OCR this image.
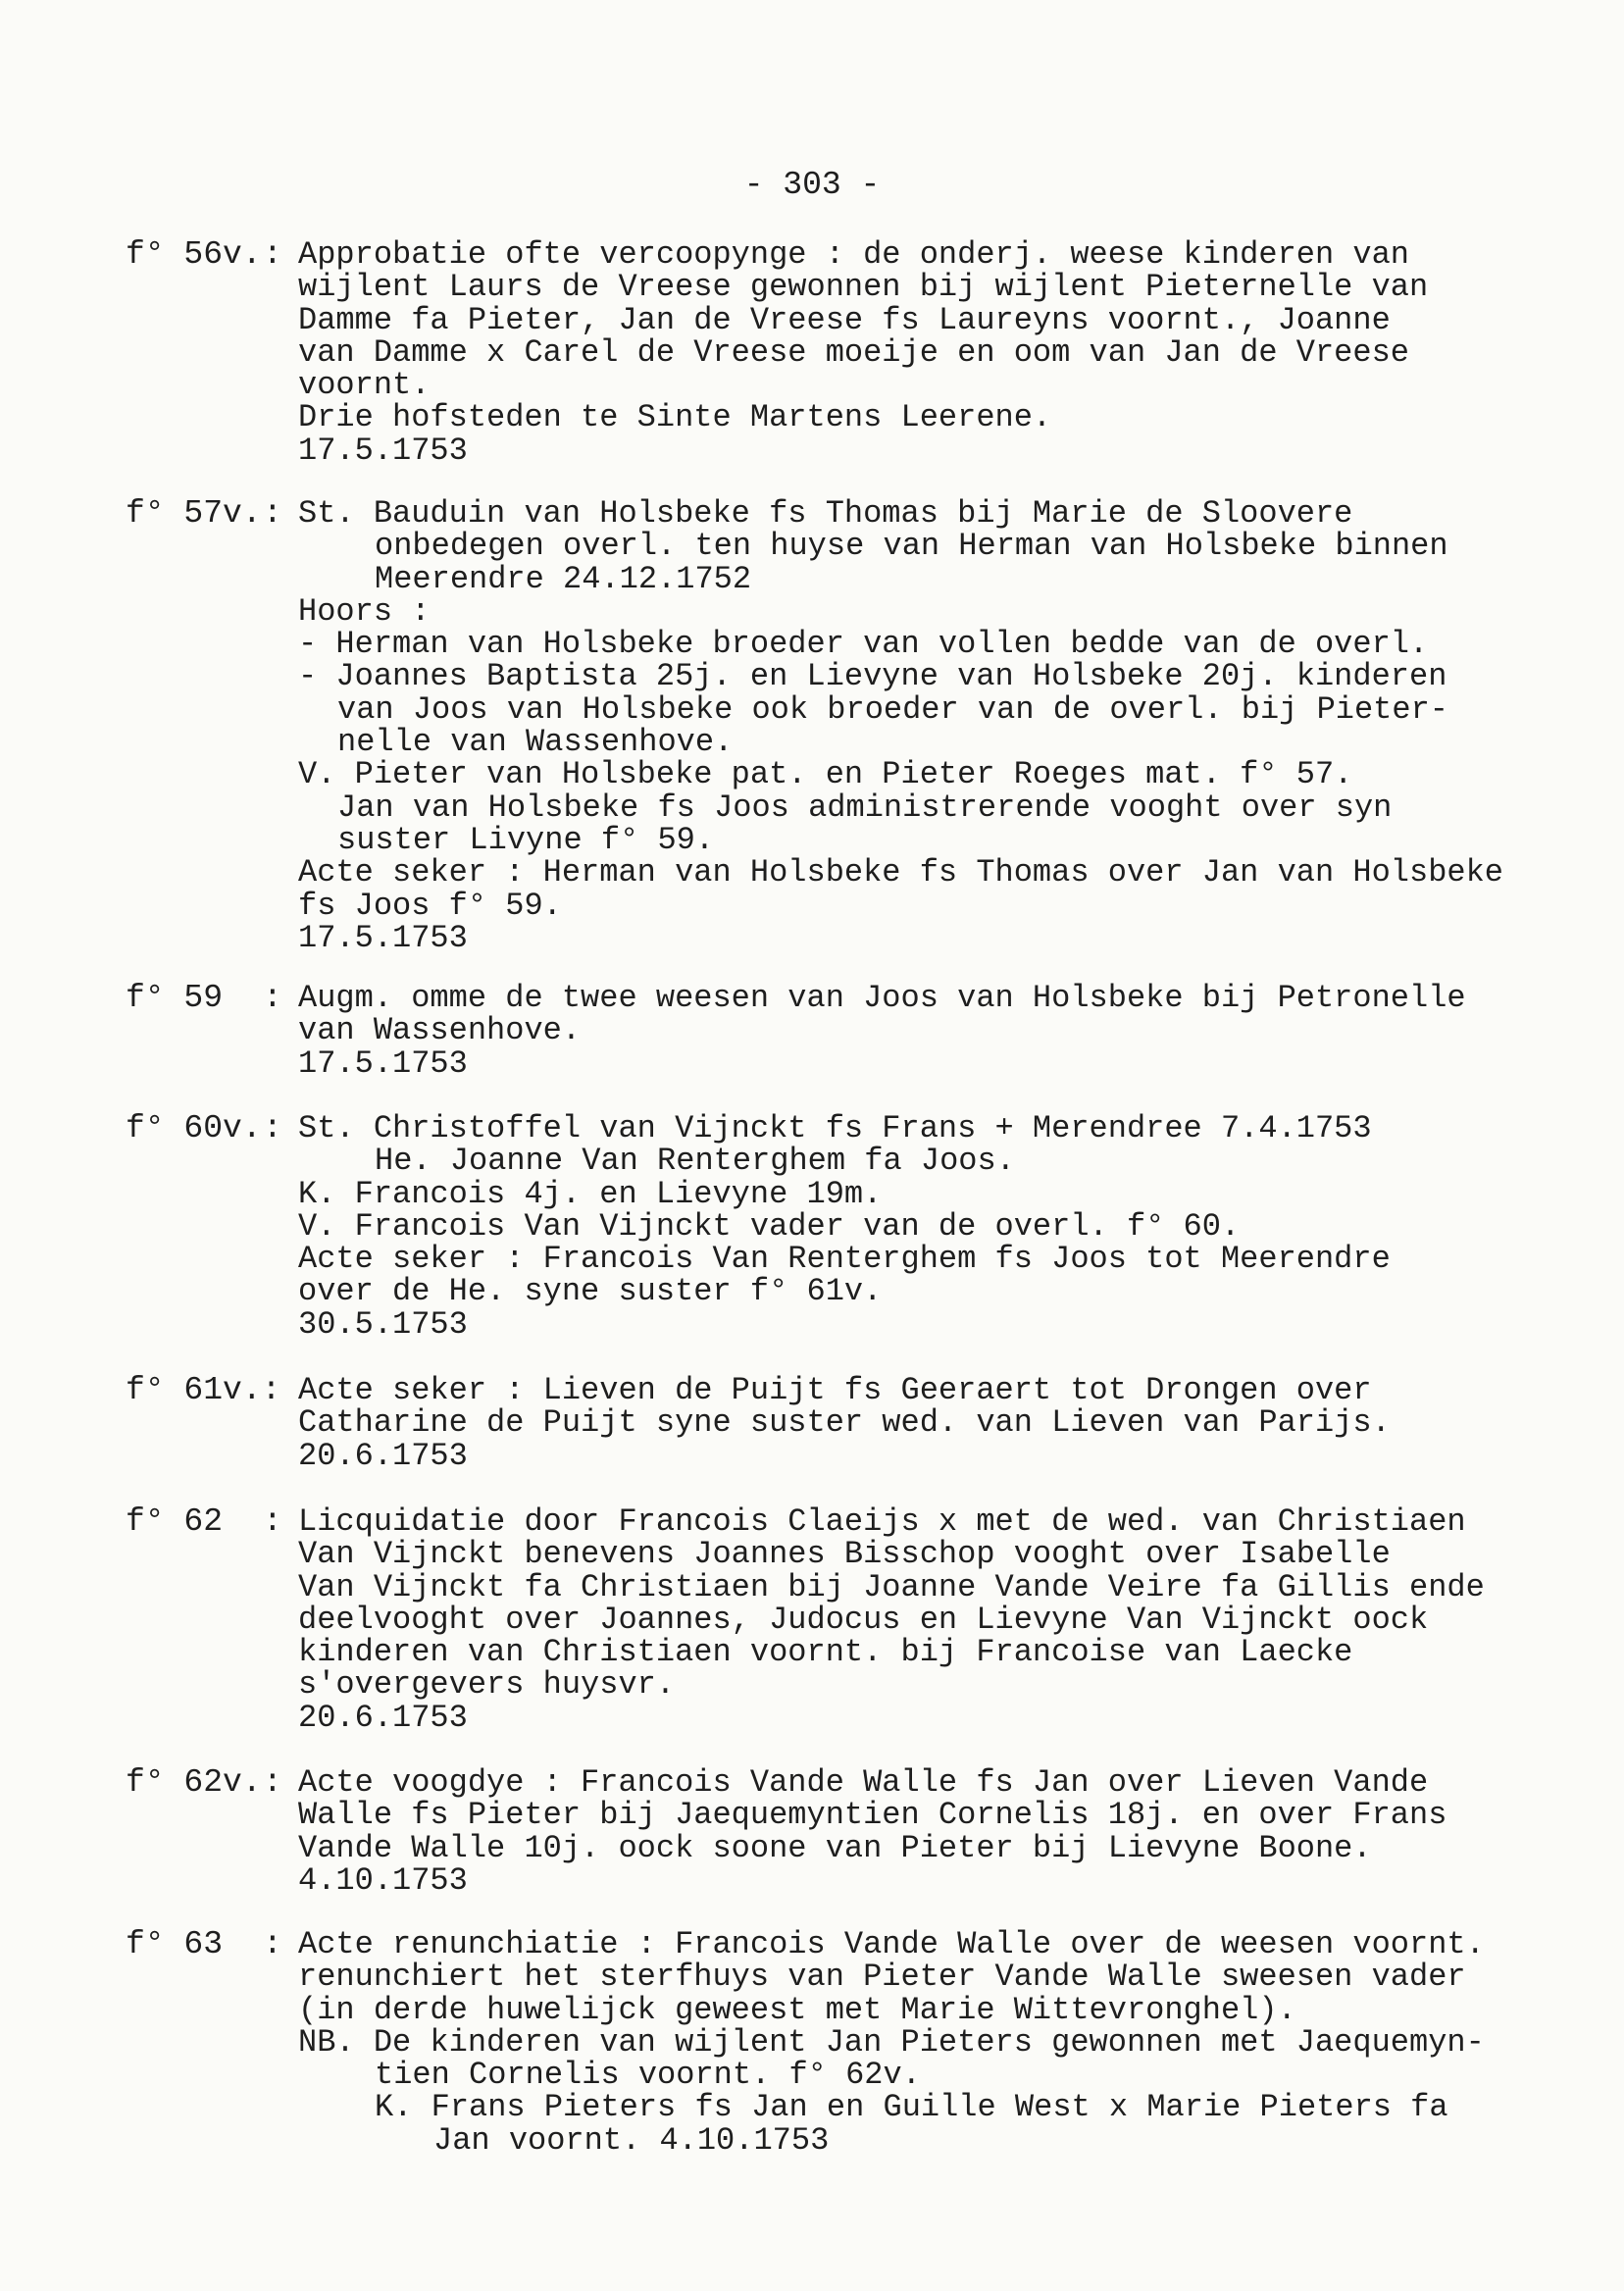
- 303 -
f° 56v. : Approbatie ofte vercoopynge : de onderj. weese kinderen van
wijlent Laurs de Vreese gewonnen bij wijlent Pieternelle van
Damme fa Pieter, Jan de Vreese fs Laureyns voornt., Joanne
van Damme x Carel de Vreese moeije en oom van Jan de Vreese
voornt.
Drie hofsteden te Sinte Martens Leerene.
17.5.1753
f° 57v. : St. Bauduin van Holsbeke fs Thomas bij Marie de Sloovere
onbedegen overl. ten huyse van Herman van Holsbeke binnen
Meerendre 24.12.1752
Hoors :
- Herman van Holsbeke broeder van vollen bedde van de overl.
- Joannes Baptista 25j. en Lievyne van Holsbeke 20j. kinderen
van Joos van Holsbeke ook broeder van de overl. bij Pieter-
nelle van Wassenhove.
V. Pieter van Holsbeke pat. en Pieter Roeges mat. f° 57.
Jan van Holsbeke fs Joos administrerende vooght over syn
suster Livyne f° 59.
Acte seker : Herman van Holsbeke fs Thomas over Jan van Holsbeke
fs Joos f° 59.
17.5.1753
f° 59	: Augm. omme de twee weesen van Joos van Holsbeke bij Petronelle
van Wassenhove.
17.5.1753
f° 60v. : St. Christoffel van Vijnckt fs Frans + Merendree 7.4.1753
He. Joanne Van Renterghem fa Joos.
K. Francois 4j. en Lievyne 19m.
V. Francois Van Vijnckt vader van de overl. f° 60.
Acte seker : Francois Van Renterghem fs Joos tot Meerendre
over de He. syne suster f° 61v.
30.5.1753
f° 61v.: Acte seker : Lieven de Puijt fs Geeraert tot Drongen over
Catharine de Puijt syne suster wed. van Lieven van Parijs.
20.6.1753
f° 62	: Licquidatie door Francois Claeijs x met de wed. van Christiaen
Van Vijnckt benevens Joannes Bisschop vooght over Isabelle
Van Vijnckt fa Christiaen bij Joanne Vande Veire fa Gillis ende
deelvooght over Joannes, Judocus en Lievyne Van Vijnckt oock
kinderen van Christiaen voornt. bij Francoise van Laecke
s'overgevers huysvr.
20.6.1753
f° 62v. : Acte voogdye : Francois Vande Walle fs Jan over Lieven Vande
Walle fs Pieter bij Jaequemyntien Cornelis 18j. en over Frans
Vande Walle 10j. oock soone van Pieter bij Lievyne Boone.
4.10.1753
f° 63	: Acte renunchiatie : Francois Vande Walle over de weesen voornt.
renunchiert het sterfhuys van Pieter Vande Walle sweesen vader
(in derde huwelijck geweest met Marie Wittevronghel).
NB. De kinderen van wijlent Jan Pieters gewonnen met Jaequemyn-
tien Cornelis voornt. f° 62v.
K. Frans Pieters fs Jan en Guille West x Marie Pieters fa
Jan voornt. 4.10.1753
